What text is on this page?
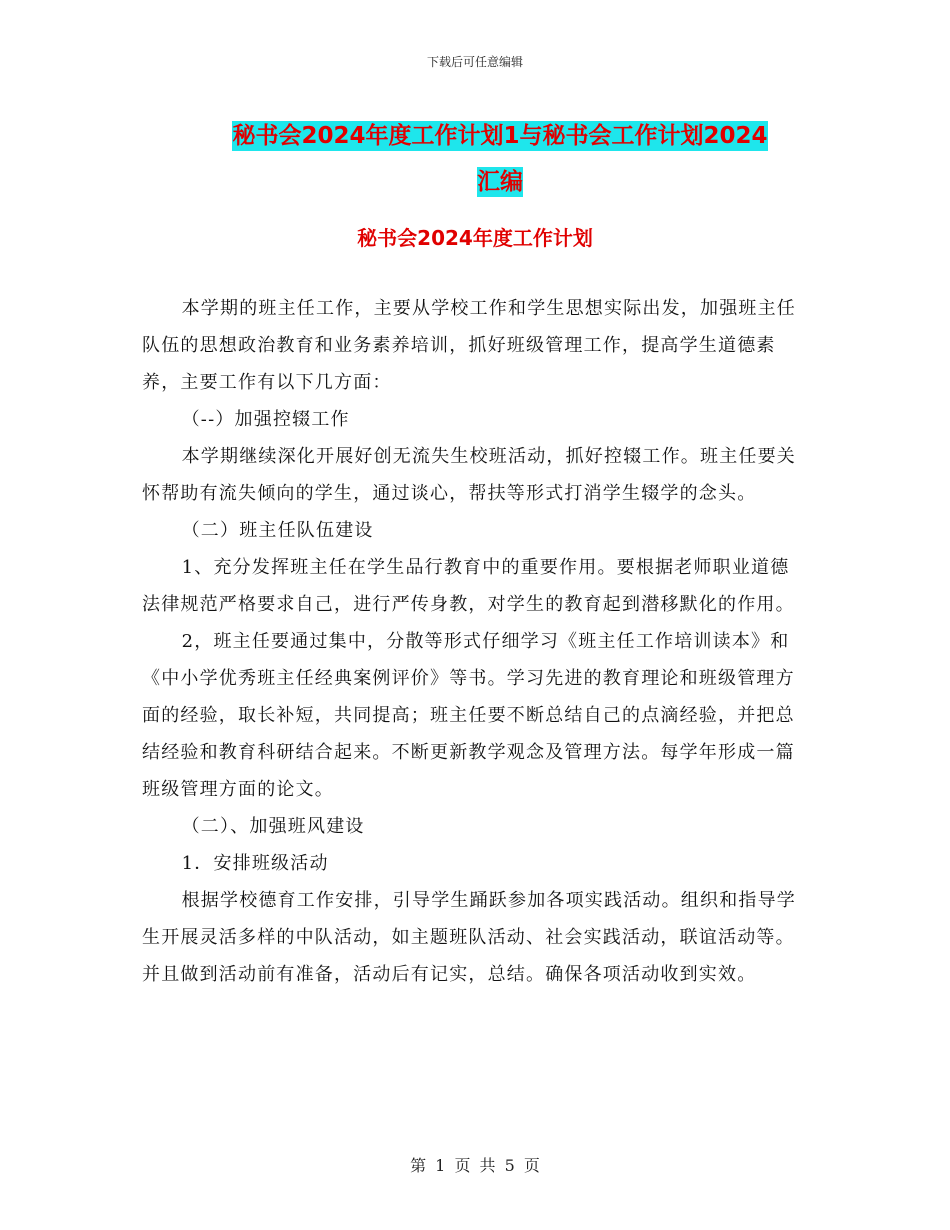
下载后可任意编辑
秘书会2024年度工作计划1与秘书会工作计划2024
汇编
秘书会2024年度工作计划

本学期的班主任工作，主要从学校工作和学生思想实际出发，加强班主任队伍的思想政治教育和业务素养培训，抓好班级管理工作，提高学生道德素养，主要工作有以下几方面：

（--）加强控辍工作

本学期继续深化开展好创无流失生校班活动，抓好控辍工作。班主任要关怀帮助有流失倾向的学生，通过谈心，帮扶等形式打消学生辍学的念头。

（二）班主任队伍建设

1、充分发挥班主任在学生品行教育中的重要作用。要根据老师职业道德法律规范严格要求自己，进行严传身教，对学生的教育起到潜移默化的作用。

2，班主任要通过集中，分散等形式仔细学习《班主任工作培训读本》和《中小学优秀班主任经典案例评价》等书。学习先进的教育理论和班级管理方面的经验，取长补短，共同提高；班主任要不断总结自己的点滴经验，并把总结经验和教育科研结合起来。不断更新教学观念及管理方法。每学年形成一篇班级管理方面的论文。

（二）、加强班风建设

1．安排班级活动

根据学校德育工作安排，引导学生踊跃参加各项实践活动。组织和指导学生开展灵活多样的中队活动，如主题班队活动、社会实践活动，联谊活动等。并且做到活动前有准备，活动后有记实，总结。确保各项活动收到实效。

第 1 页 共 5 页
